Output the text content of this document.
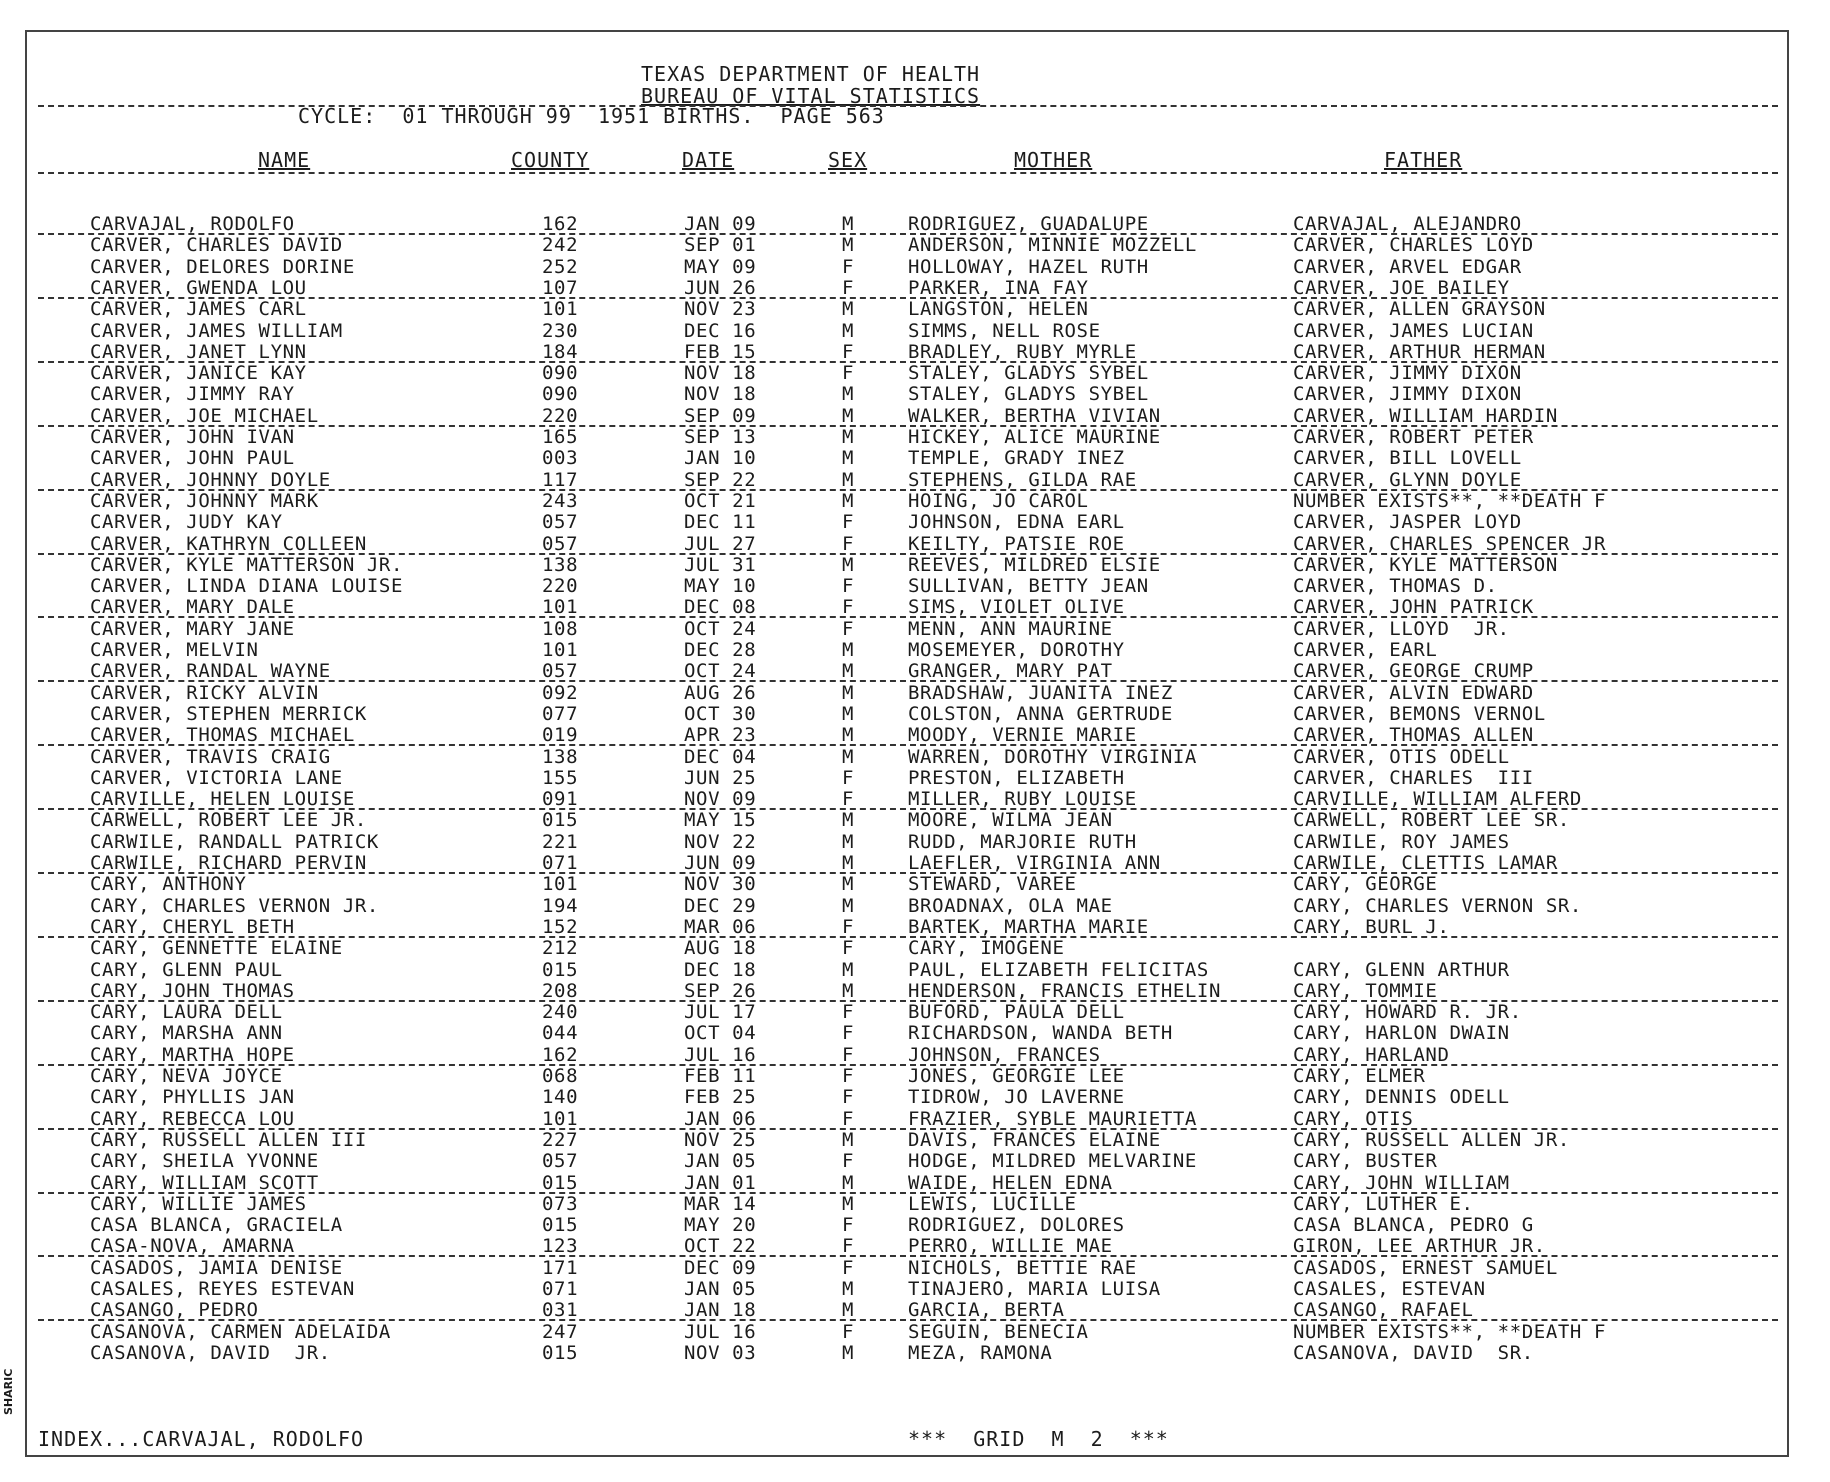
TEXAS DEPARTMENT OF HEALTH
BUREAU OF VITAL STATISTICS
CYCLE:  01 THROUGH 99  1951 BIRTHS.  PAGE 563
NAME	COUNTY	DATE	SEX	MOTHER	FATHER
CARVAJAL, RODOLFO	162	JAN 09	M	RODRIGUEZ, GUADALUPE	CARVAJAL, ALEJANDRO
CARVER, CHARLES DAVID	242	SEP 01	M	ANDERSON, MINNIE MOZZELL	CARVER, CHARLES LOYD
CARVER, DELORES DORINE	252	MAY 09	F	HOLLOWAY, HAZEL RUTH	CARVER, ARVEL EDGAR
CARVER, GWENDA LOU	107	JUN 26	F	PARKER, INA FAY	CARVER, JOE BAILEY
CARVER, JAMES CARL	101	NOV 23	M	LANGSTON, HELEN	CARVER, ALLEN GRAYSON
CARVER, JAMES WILLIAM	230	DEC 16	M	SIMMS, NELL ROSE	CARVER, JAMES LUCIAN
CARVER, JANET LYNN	184	FEB 15	F	BRADLEY, RUBY MYRLE	CARVER, ARTHUR HERMAN
CARVER, JANICE KAY	090	NOV 18	F	STALEY, GLADYS SYBEL	CARVER, JIMMY DIXON
CARVER, JIMMY RAY	090	NOV 18	M	STALEY, GLADYS SYBEL	CARVER, JIMMY DIXON
CARVER, JOE MICHAEL	220	SEP 09	M	WALKER, BERTHA VIVIAN	CARVER, WILLIAM HARDIN
CARVER, JOHN IVAN	165	SEP 13	M	HICKEY, ALICE MAURINE	CARVER, ROBERT PETER
CARVER, JOHN PAUL	003	JAN 10	M	TEMPLE, GRADY INEZ	CARVER, BILL LOVELL
CARVER, JOHNNY DOYLE	117	SEP 22	M	STEPHENS, GILDA RAE	CARVER, GLYNN DOYLE
CARVER, JOHNNY MARK	243	OCT 21	M	HOING, JO CAROL	NUMBER EXISTS**, **DEATH F
CARVER, JUDY KAY	057	DEC 11	F	JOHNSON, EDNA EARL	CARVER, JASPER LOYD
CARVER, KATHRYN COLLEEN	057	JUL 27	F	KEILTY, PATSIE ROE	CARVER, CHARLES SPENCER JR
CARVER, KYLE MATTERSON JR.	138	JUL 31	M	REEVES, MILDRED ELSIE	CARVER, KYLE MATTERSON
CARVER, LINDA DIANA LOUISE	220	MAY 10	F	SULLIVAN, BETTY JEAN	CARVER, THOMAS D.
CARVER, MARY DALE	101	DEC 08	F	SIMS, VIOLET OLIVE	CARVER, JOHN PATRICK
CARVER, MARY JANE	108	OCT 24	F	MENN, ANN MAURINE	CARVER, LLOYD  JR.
CARVER, MELVIN	101	DEC 28	M	MOSEMEYER, DOROTHY	CARVER, EARL
CARVER, RANDAL WAYNE	057	OCT 24	M	GRANGER, MARY PAT	CARVER, GEORGE CRUMP
CARVER, RICKY ALVIN	092	AUG 26	M	BRADSHAW, JUANITA INEZ	CARVER, ALVIN EDWARD
CARVER, STEPHEN MERRICK	077	OCT 30	M	COLSTON, ANNA GERTRUDE	CARVER, BEMONS VERNOL
CARVER, THOMAS MICHAEL	019	APR 23	M	MOODY, VERNIE MARIE	CARVER, THOMAS ALLEN
CARVER, TRAVIS CRAIG	138	DEC 04	M	WARREN, DOROTHY VIRGINIA	CARVER, OTIS ODELL
CARVER, VICTORIA LANE	155	JUN 25	F	PRESTON, ELIZABETH	CARVER, CHARLES  III
CARVILLE, HELEN LOUISE	091	NOV 09	F	MILLER, RUBY LOUISE	CARVILLE, WILLIAM ALFERD
CARWELL, ROBERT LEE JR.	015	MAY 15	M	MOORE, WILMA JEAN	CARWELL, ROBERT LEE SR.
CARWILE, RANDALL PATRICK	221	NOV 22	M	RUDD, MARJORIE RUTH	CARWILE, ROY JAMES
CARWILE, RICHARD PERVIN	071	JUN 09	M	LAEFLER, VIRGINIA ANN	CARWILE, CLETTIS LAMAR
CARY, ANTHONY	101	NOV 30	M	STEWARD, VAREE	CARY, GEORGE
CARY, CHARLES VERNON JR.	194	DEC 29	M	BROADNAX, OLA MAE	CARY, CHARLES VERNON SR.
CARY, CHERYL BETH	152	MAR 06	F	BARTEK, MARTHA MARIE	CARY, BURL J.
CARY, GENNETTE ELAINE	212	AUG 18	F	CARY, IMOGENE
CARY, GLENN PAUL	015	DEC 18	M	PAUL, ELIZABETH FELICITAS	CARY, GLENN ARTHUR
CARY, JOHN THOMAS	208	SEP 26	M	HENDERSON, FRANCIS ETHELIN	CARY, TOMMIE
CARY, LAURA DELL	240	JUL 17	F	BUFORD, PAULA DELL	CARY, HOWARD R. JR.
CARY, MARSHA ANN	044	OCT 04	F	RICHARDSON, WANDA BETH	CARY, HARLON DWAIN
CARY, MARTHA HOPE	162	JUL 16	F	JOHNSON, FRANCES	CARY, HARLAND
CARY, NEVA JOYCE	068	FEB 11	F	JONES, GEORGIE LEE	CARY, ELMER
CARY, PHYLLIS JAN	140	FEB 25	F	TIDROW, JO LAVERNE	CARY, DENNIS ODELL
CARY, REBECCA LOU	101	JAN 06	F	FRAZIER, SYBLE MAURIETTA	CARY, OTIS
CARY, RUSSELL ALLEN III	227	NOV 25	M	DAVIS, FRANCES ELAINE	CARY, RUSSELL ALLEN JR.
CARY, SHEILA YVONNE	057	JAN 05	F	HODGE, MILDRED MELVARINE	CARY, BUSTER
CARY, WILLIAM SCOTT	015	JAN 01	M	WAIDE, HELEN EDNA	CARY, JOHN WILLIAM
CARY, WILLIE JAMES	073	MAR 14	M	LEWIS, LUCILLE	CARY, LUTHER E.
CASA BLANCA, GRACIELA	015	MAY 20	F	RODRIGUEZ, DOLORES	CASA BLANCA, PEDRO G
CASA-NOVA, AMARNA	123	OCT 22	F	PERRO, WILLIE MAE	GIRON, LEE ARTHUR JR.
CASADOS, JAMIA DENISE	171	DEC 09	F	NICHOLS, BETTIE RAE	CASADOS, ERNEST SAMUEL
CASALES, REYES ESTEVAN	071	JAN 05	M	TINAJERO, MARIA LUISA	CASALES, ESTEVAN
CASANGO, PEDRO	031	JAN 18	M	GARCIA, BERTA	CASANGO, RAFAEL
CASANOVA, CARMEN ADELAIDA	247	JUL 16	F	SEGUIN, BENECIA	NUMBER EXISTS**, **DEATH F
CASANOVA, DAVID  JR.	015	NOV 03	M	MEZA, RAMONA	CASANOVA, DAVID  SR.
INDEX...CARVAJAL, RODOLFO	***  GRID  M  2  ***
SHARIC
